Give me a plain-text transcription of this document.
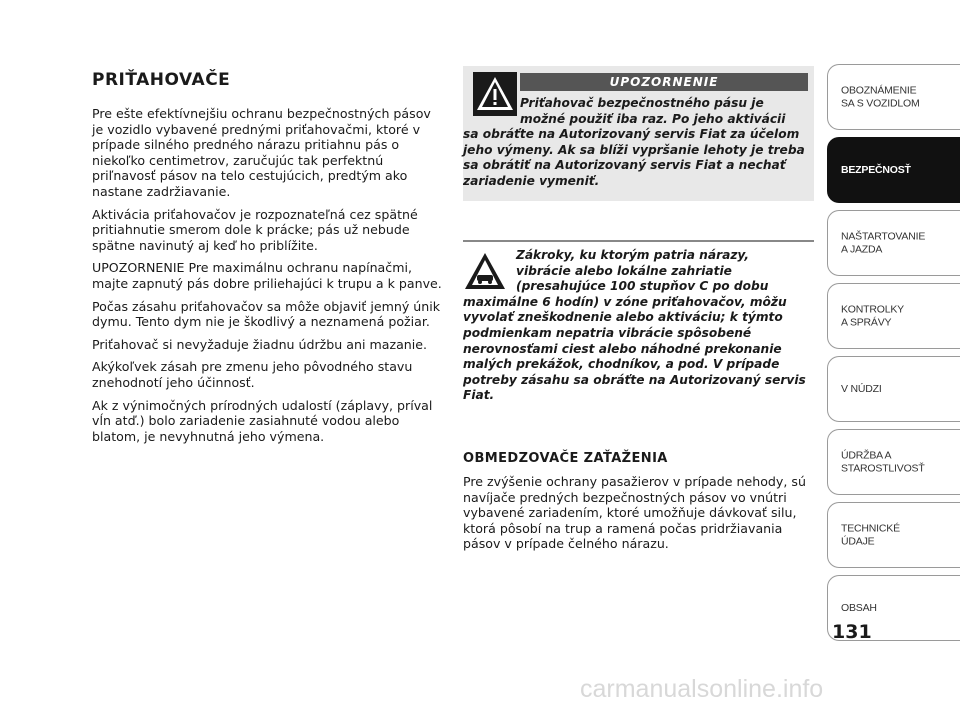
PRIŤAHOVAČE

Pre ešte efektívnejšiu ochranu bezpečnostných pásov je vozidlo vybavené prednými priťahovačmi, ktoré v prípade silného predného nárazu pritiahnu pás o niekoľko centimetrov, zaručujúc tak perfektnú priľnavosť pásov na telo cestujúcich, predtým ako nastane zadržiavanie.

Aktivácia priťahovačov je rozpoznateľná cez spätné pritiahnutie smerom dole k prácke; pás už nebude spätne navinutý aj keď ho priblížite.

UPOZORNENIE Pre maximálnu ochranu napínačmi, majte zapnutý pás dobre priliehajúci k trupu a k panve.

Počas zásahu priťahovačov sa môže objaviť jemný únik dymu. Tento dym nie je škodlivý a neznamená požiar.

Priťahovač si nevyžaduje žiadnu údržbu ani mazanie.

Akýkoľvek zásah pre zmenu jeho pôvodného stavu znehodnotí jeho účinnosť.

Ak z výnimočných prírodných udalostí (záplavy, príval vĺn atď.) bolo zariadenie zasiahnuté vodou alebo blatom, je nevyhnutná jeho výmena.

UPOZORNENIE
Priťahovač bezpečnostného pásu je
možné použiť iba raz. Po jeho aktivácii
sa obráťte na Autorizovaný servis Fiat za účelom jeho výmeny. Ak sa blíži vypršanie lehoty je treba sa obrátiť na Autorizovaný servis Fiat a nechať zariadenie vymeniť.
Zákroky, ku ktorým patria nárazy,
vibrácie alebo lokálne zahriatie
(presahujúce 100 stupňov C po dobu
maximálne 6 hodín) v zóne priťahovačov, môžu vyvolať zneškodnenie alebo aktiváciu; k týmto podmienkam nepatria vibrácie spôsobené nerovnosťami ciest alebo náhodné prekonanie malých prekážok, chodníkov, a pod. V prípade potreby zásahu sa obráťte na Autorizovaný servis Fiat.
OBMEDZOVAČE ZAŤAŽENIA

Pre zvýšenie ochrany pasažierov v prípade nehody, sú navíjače predných bezpečnostných pásov vo vnútri vybavené zariadením, ktoré umožňuje dávkovať silu, ktorá pôsobí na trup a ramená počas pridržiavania pásov v prípade čelného nárazu.

OBOZNÁMENIE
SA S VOZIDLOM
BEZPEČNOSŤ
NAŠTARTOVANIE
A JAZDA
KONTROLKY
A SPRÁVY
V NÚDZI
ÚDRŽBA A
STAROSTLIVOSŤ
TECHNICKÉ
ÚDAJE
OBSAH
131
carmanualsonline.info
